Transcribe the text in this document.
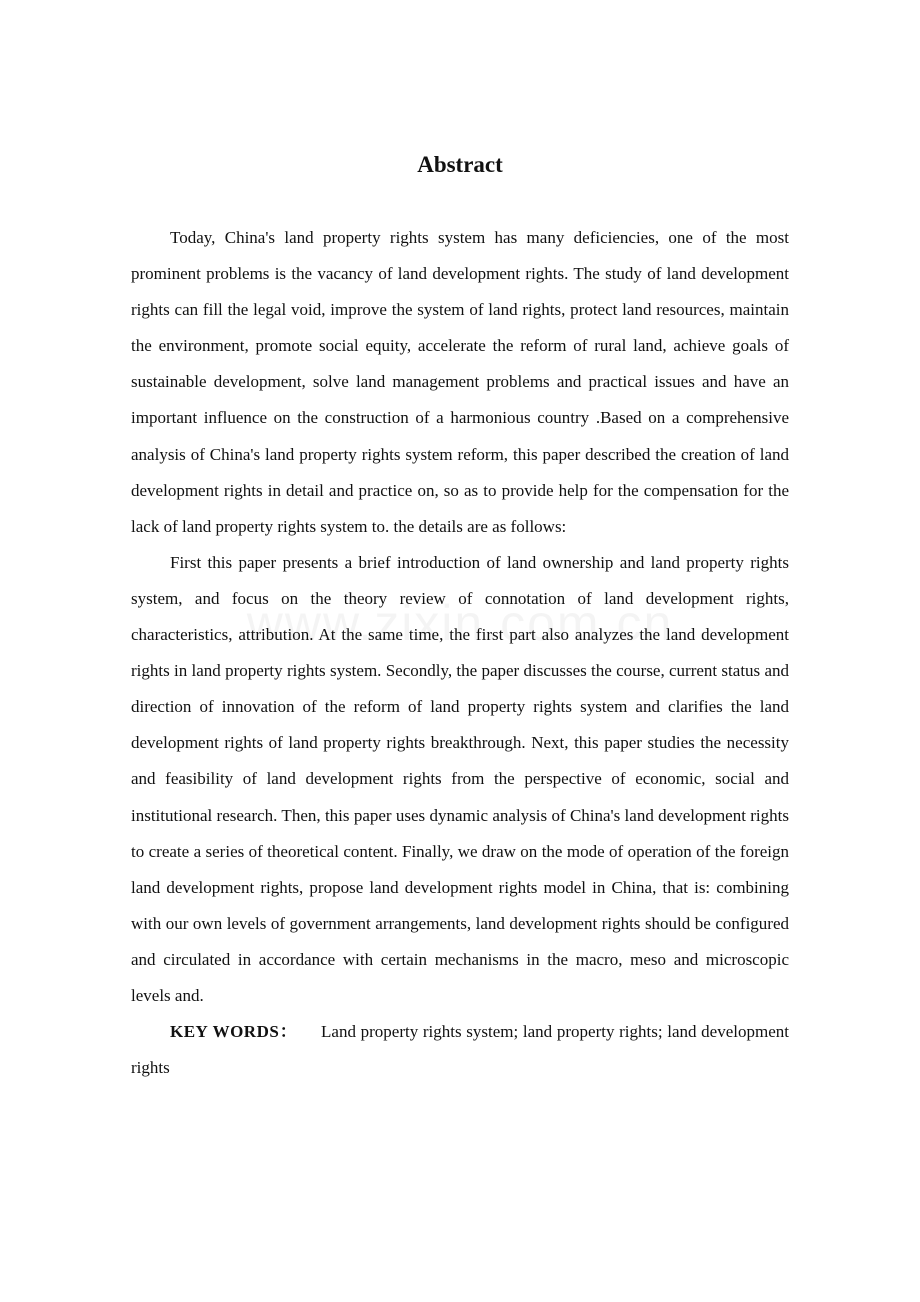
Abstract

Today, China's land property rights system has many deficiencies, one of the most prominent problems is the vacancy of land development rights. The study of land development rights can fill the legal void, improve the system of land rights, protect land resources, maintain the environment, promote social equity, accelerate the reform of rural land, achieve goals of sustainable development, solve land management problems and practical issues and have an important influence on the construction of a harmonious country .Based on a comprehensive analysis of China's land property rights system reform, this paper described the creation of land development rights in detail and practice on, so as to provide help for the compensation for the lack of land property rights system to. the details are as follows:

First this paper presents a brief introduction of land ownership and land property rights system, and focus on the theory review of connotation of land development rights, characteristics, attribution. At the same time, the first part also analyzes the land development rights in land property rights system. Secondly, the paper discusses the course, current status and direction of innovation of the reform of land property rights system and clarifies the land development rights of land property rights breakthrough. Next, this paper studies the necessity and feasibility of land development rights from the perspective of economic, social and institutional research. Then, this paper uses dynamic analysis of China's land development rights to create a series of theoretical content. Finally, we draw on the mode of operation of the foreign land development rights, propose land development rights model in China, that is: combining with our own levels of government arrangements, land development rights should be configured and circulated in accordance with certain mechanisms in the macro, meso and microscopic levels and.

KEY WORDS： Land property rights system; land property rights; land development rights
